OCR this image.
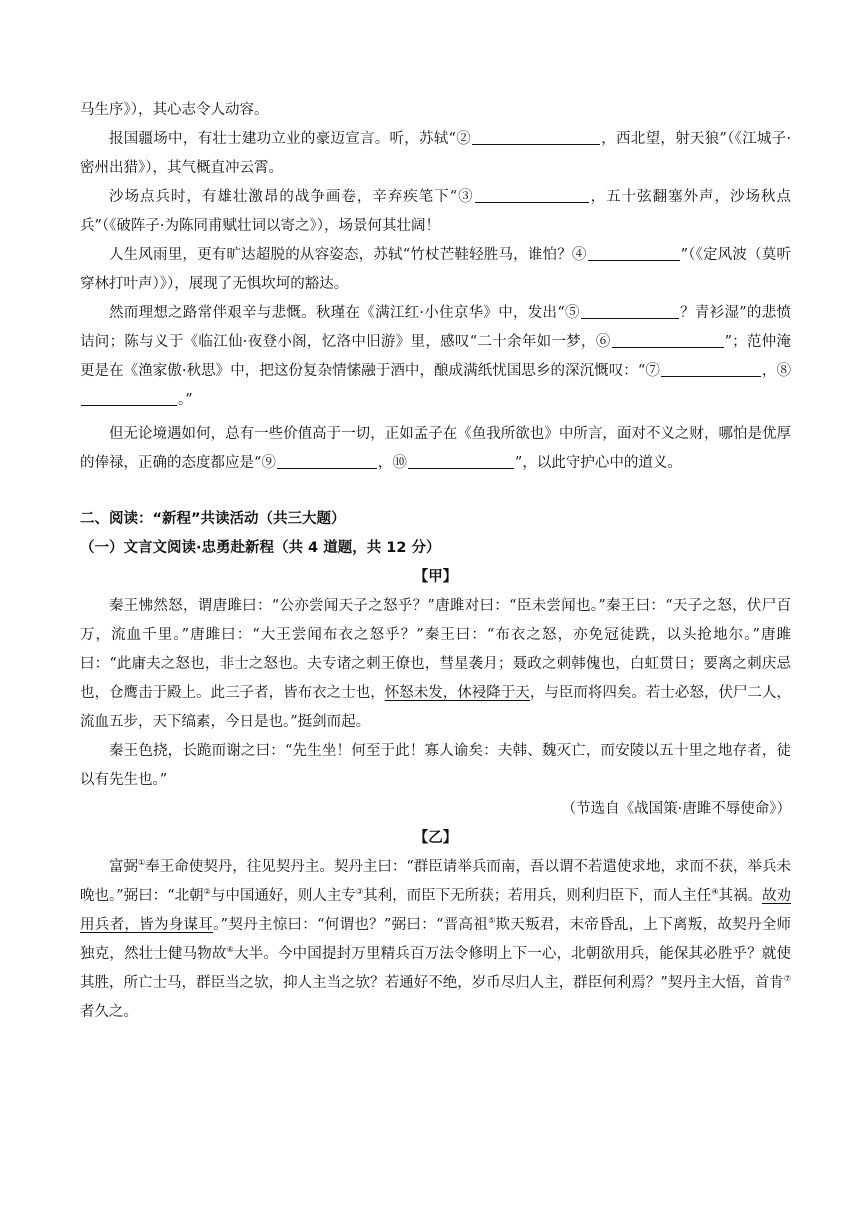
马生序》），其心志令人动容。

报国疆场中，有壮士建功立业的豪迈宣言。听，苏轼“②	，西北望，射天狼”（《江城子·密州出猎》），其气概直冲云霄。

沙场点兵时，有雄壮激昂的战争画卷，辛弃疾笔下“③	，五十弦翻塞外声，沙场秋点兵”（《破阵子·为陈同甫赋壮词以寄之》），场景何其壮阔！

人生风雨里，更有旷达超脱的从容姿态，苏轼“竹杖芒鞋轻胜马，谁怕？④	”（《定风波（莫听穿林打叶声）》），展现了无惧坎坷的豁达。

然而理想之路常伴艰辛与悲慨。秋瑾在《满江红·小住京华》中，发出“⑤	？青衫湿”的悲愤诘问；陈与义于《临江仙·夜登小阁，忆洛中旧游》里，感叹“二十余年如一梦，⑥	”；范仲淹更是在《渔家傲·秋思》中，把这份复杂情愫融于酒中，酿成满纸忧国思乡的深沉慨叹：“⑦	，⑧。”

但无论境遇如何，总有一些价值高于一切，正如孟子在《鱼我所欲也》中所言，面对不义之财，哪怕是优厚的俸禄，正确的态度都应是“⑨	，⑩	”，以此守护心中的道义。

二、阅读：“新程”共读活动（共三大题）

（一）文言文阅读·忠勇赴新程（共 4 道题，共 12 分）

【甲】

秦王怫然怒，谓唐雎曰：“公亦尝闻天子之怒乎？”唐雎对曰：“臣未尝闻也。”秦王曰：“天子之怒，伏尸百万，流血千里。”唐雎曰：“大王尝闻布衣之怒乎？”秦王曰：“布衣之怒，亦免冠徒跣，以头抢地尔。”唐雎曰：“此庸夫之怒也，非士之怒也。夫专诸之刺王僚也，彗星袭月；聂政之刺韩傀也，白虹贯日；要离之刺庆忌也，仓鹰击于殿上。此三子者，皆布衣之士也，怀怒未发，休祲降于天，与臣而将四矣。若士必怒，伏尸二人，流血五步，天下缟素，今日是也。”挺剑而起。

秦王色挠，长跪而谢之曰：“先生坐！何至于此！寡人谕矣：夫韩、魏灭亡，而安陵以五十里之地存者，徒以有先生也。”

（节选自《战国策·唐雎不辱使命》）

【乙】

富弼①奉王命使契丹，往见契丹主。契丹主曰：“群臣请举兵而南，吾以谓不若遣使求地，求而不获，举兵未晚也。”弼曰：“北朝②与中国通好，则人主专③其利，而臣下无所获；若用兵，则利归臣下，而人主任④其祸。故劝用兵者，皆为身谋耳。”契丹主惊曰：“何谓也？”弼曰：“晋高祖⑤欺天叛君，末帝昏乱，上下离叛，故契丹全师独克，然壮士健马物故⑥大半。今中国提封万里精兵百万法令修明上下一心，北朝欲用兵，能保其必胜乎？就使其胜，所亡士马，群臣当之欤，抑人主当之欤？若通好不绝，岁币尽归人主，群臣何利焉？”契丹主大悟，首肯⑦者久之。
